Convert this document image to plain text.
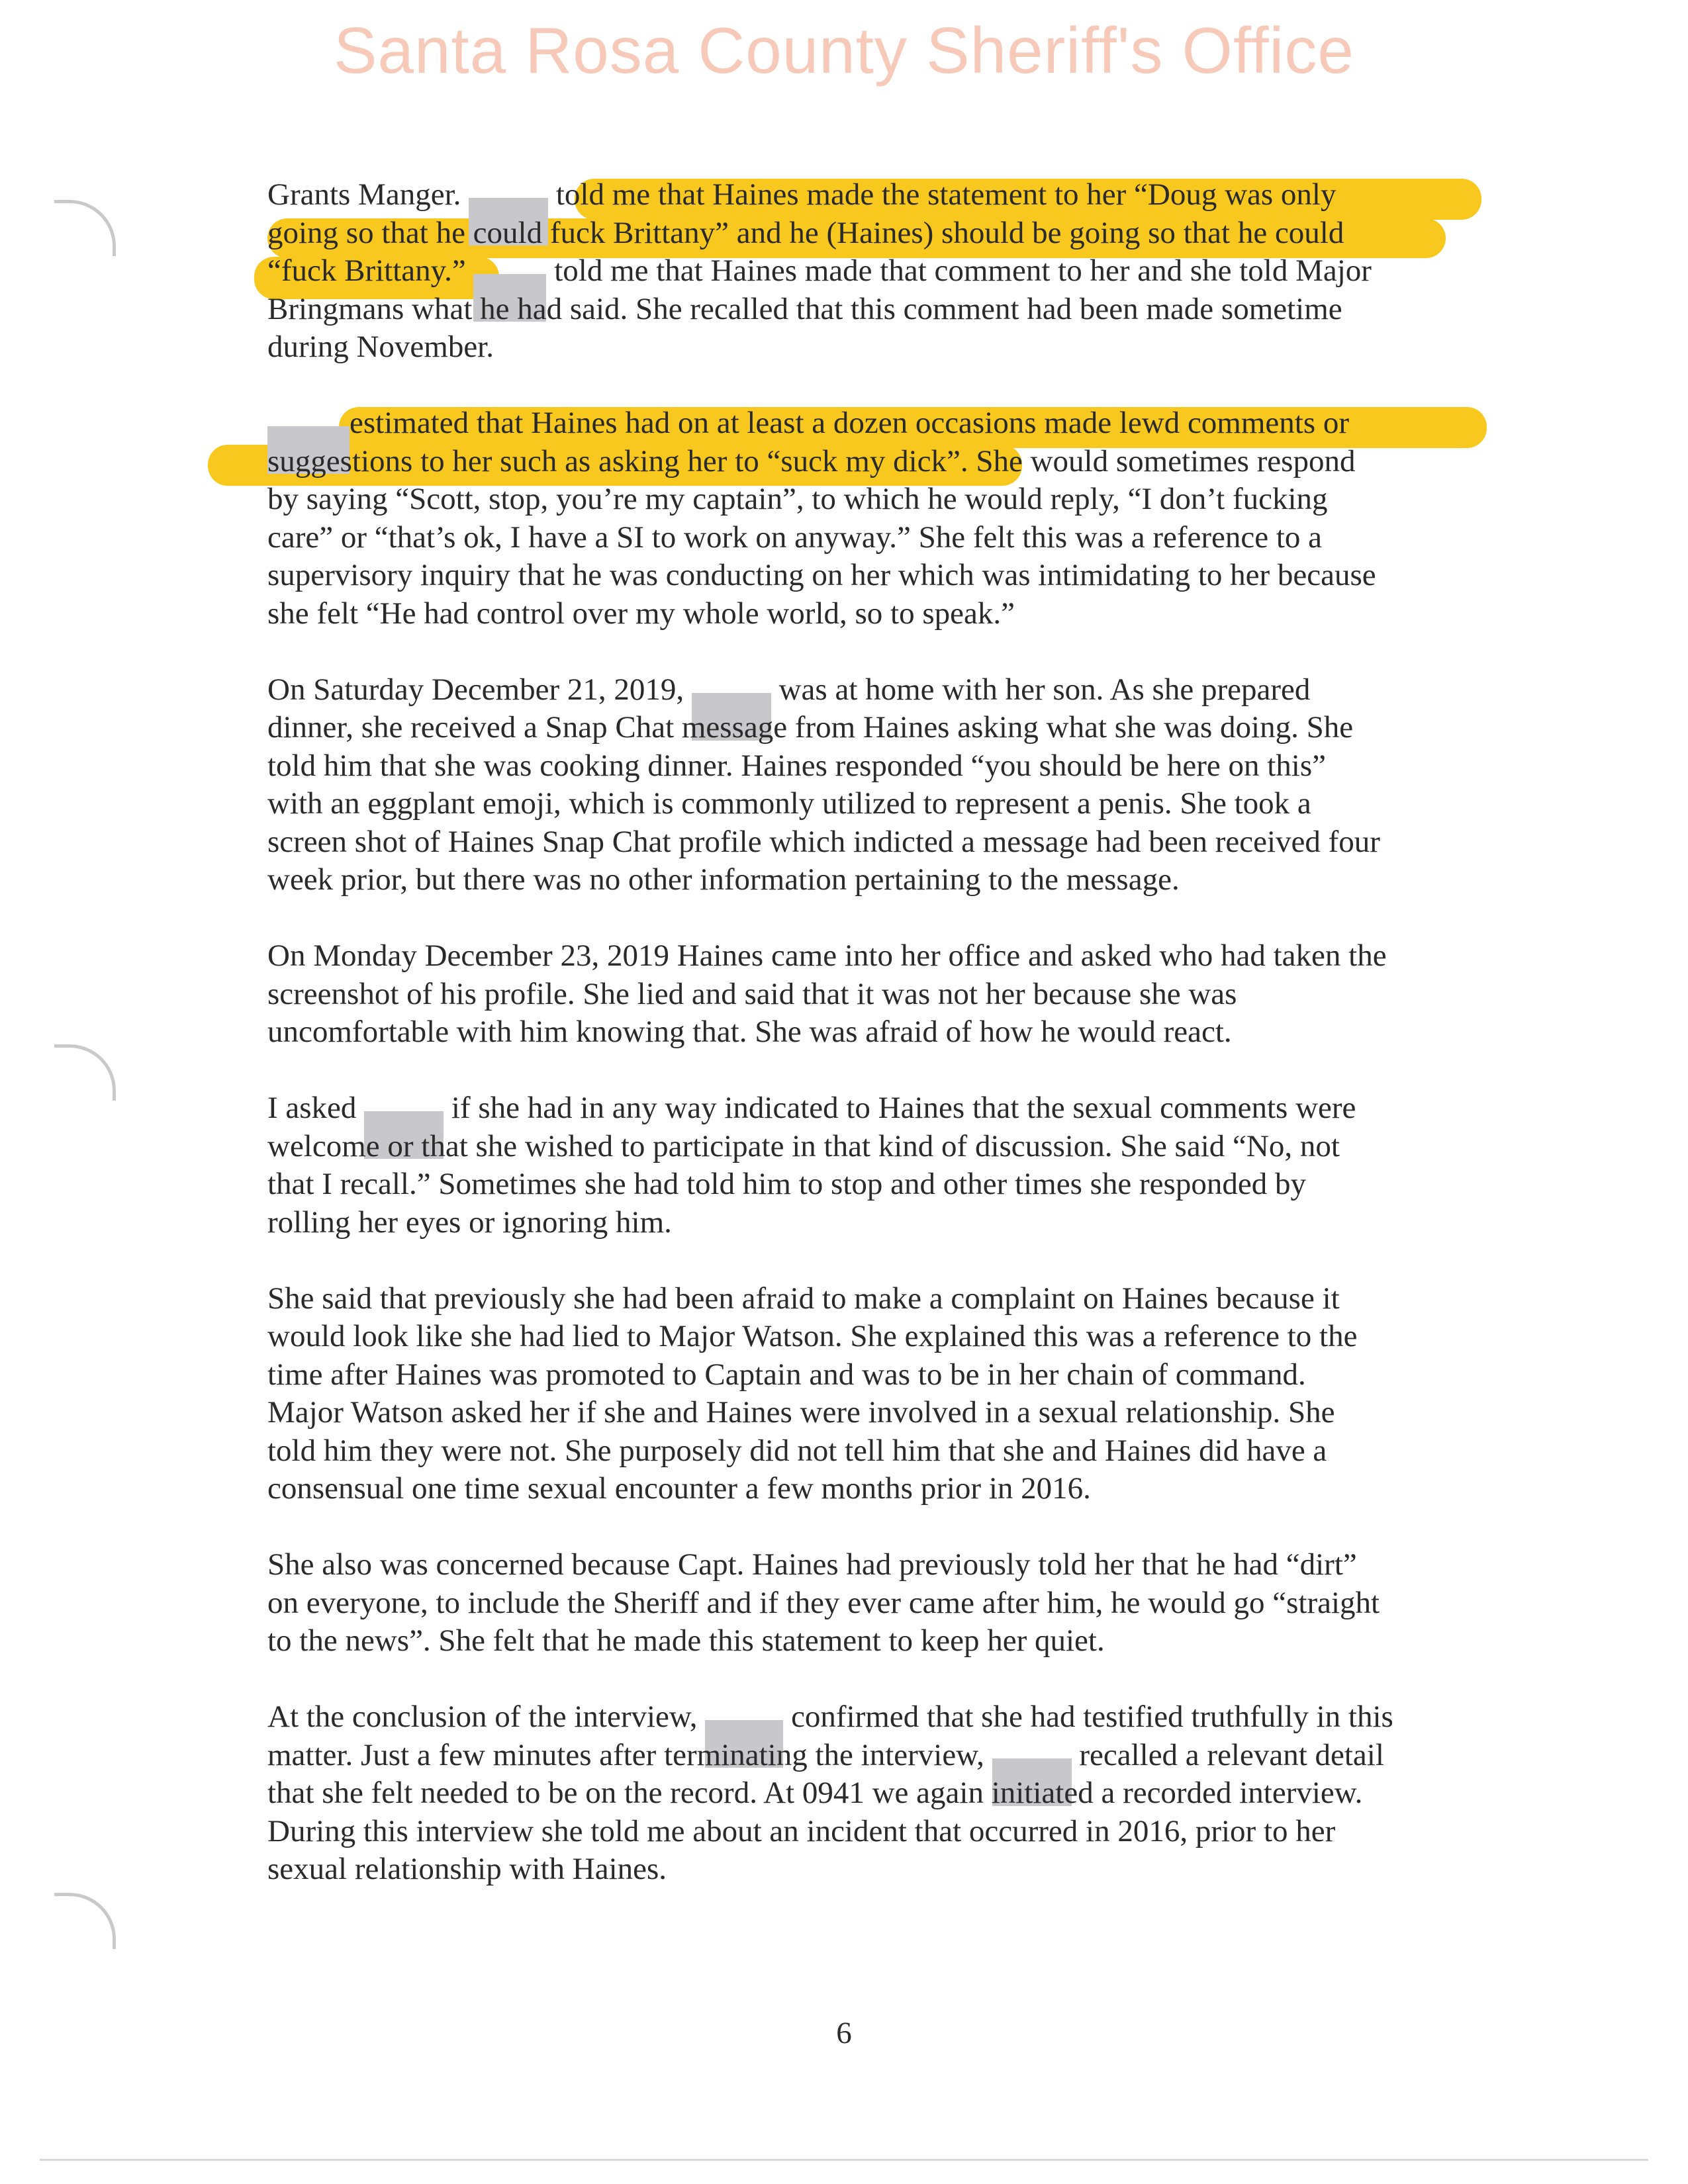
Santa Rosa County Sheriff's Office
Grants Manger.	told me that Haines made the statement to her “Doug was only
going so that he could fuck Brittany” and he (Haines) should be going so that he could
“fuck Brittany.”  told me that Haines made that comment to her and she told Major
Bringmans what he had said. She recalled that this comment had been made sometime
during November.
estimated that Haines had on at least a dozen occasions made lewd comments or
suggestions to her such as asking her to “suck my dick”. She would sometimes respond
by saying “Scott, stop, you’re my captain”, to which he would reply, “I don’t fucking
care” or “that’s ok, I have a SI to work on anyway.” She felt this was a reference to a
supervisory inquiry that he was conducting on her which was intimidating to her because
she felt “He had control over my whole world, so to speak.”
On Saturday December 21, 2019,	was at home with her son. As she prepared
dinner, she received a Snap Chat message from Haines asking what she was doing. She
told him that she was cooking dinner. Haines responded “you should be here on this”
with an eggplant emoji, which is commonly utilized to represent a penis. She took a
screen shot of Haines Snap Chat profile which indicted a message had been received four
week prior, but there was no other information pertaining to the message.
On Monday December 23, 2019 Haines came into her office and asked who had taken the
screenshot of his profile. She lied and said that it was not her because she was
uncomfortable with him knowing that. She was afraid of how he would react.
I asked	if she had in any way indicated to Haines that the sexual comments were
welcome or that she wished to participate in that kind of discussion. She said “No, not
that I recall.” Sometimes she had told him to stop and other times she responded by
rolling her eyes or ignoring him.
She said that previously she had been afraid to make a complaint on Haines because it
would look like she had lied to Major Watson. She explained this was a reference to the
time after Haines was promoted to Captain and was to be in her chain of command.
Major Watson asked her if she and Haines were involved in a sexual relationship. She
told him they were not. She purposely did not tell him that she and Haines did have a
consensual one time sexual encounter a few months prior in 2016.
She also was concerned because Capt. Haines had previously told her that he had “dirt”
on everyone, to include the Sheriff and if they ever came after him, he would go “straight
to the news”. She felt that he made this statement to keep her quiet.
At the conclusion of the interview,	confirmed that she had testified truthfully in this
matter. Just a few minutes after terminating the interview,	recalled a relevant detail
that she felt needed to be on the record. At 0941 we again initiated a recorded interview.
During this interview she told me about an incident that occurred in 2016, prior to her
sexual relationship with Haines.
6
